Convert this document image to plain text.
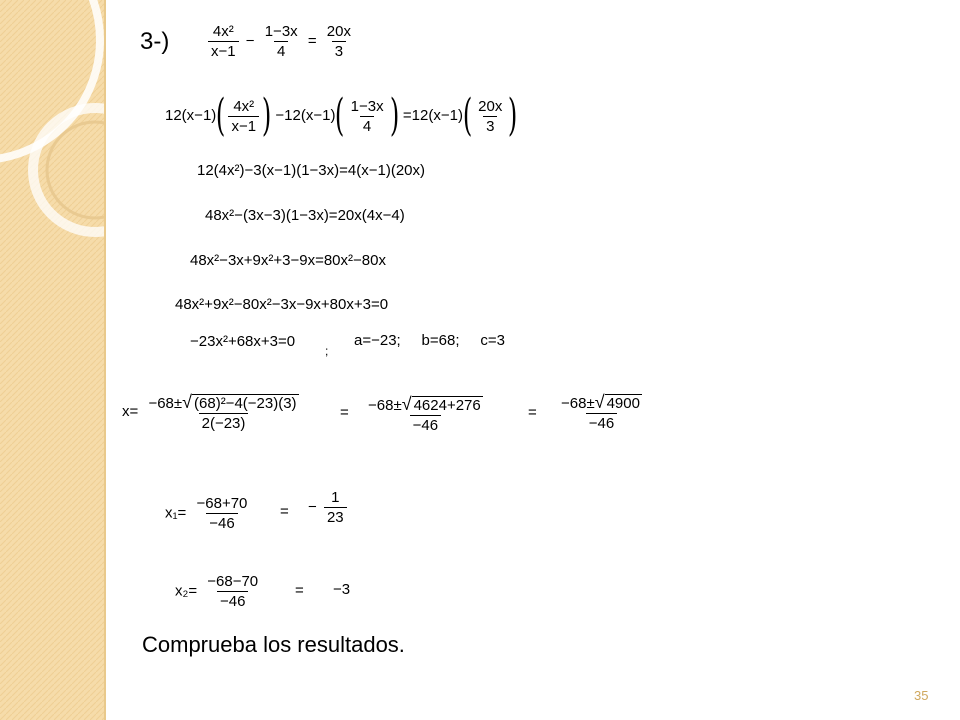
3-)	$\frac{\text{4x²}}{x-1} - \frac{1-3x}{4} = \frac{20x}{3}$
$12(x-1)( \frac{\text{4x²}}{x-1}$ ) $-12(x-1)( \frac{1-3x}{4}$ ) $=12(x-1)( \frac{20x}{3}$ )
12(4x²)−3(x−1)(1−3x)=4(x−1)(20x)
48x²−(3x−3)(1−3x)=20x(4x−4)
48x²−3x+9x²+3−9x=80x²−80x
48x²+9x²−80x²−3x−9x+80x+3=0
−23x²+68x+3=0
;
a=−23;     b=68;     c=3
$x= \frac{\text{−68± √ (68)²−4(−23)(3)}}{2(-23)}$	= $\frac{-68\pm √ 4624+276}{-46}$	= $\frac{-68\pm √ 4900}{-46}$
$x_1= \frac{-68+70}{-46}$ = − $\frac{1}{23}$
$x_2= \frac{-68-70}{-46} = -3$
Comprueba los resultados.
35
